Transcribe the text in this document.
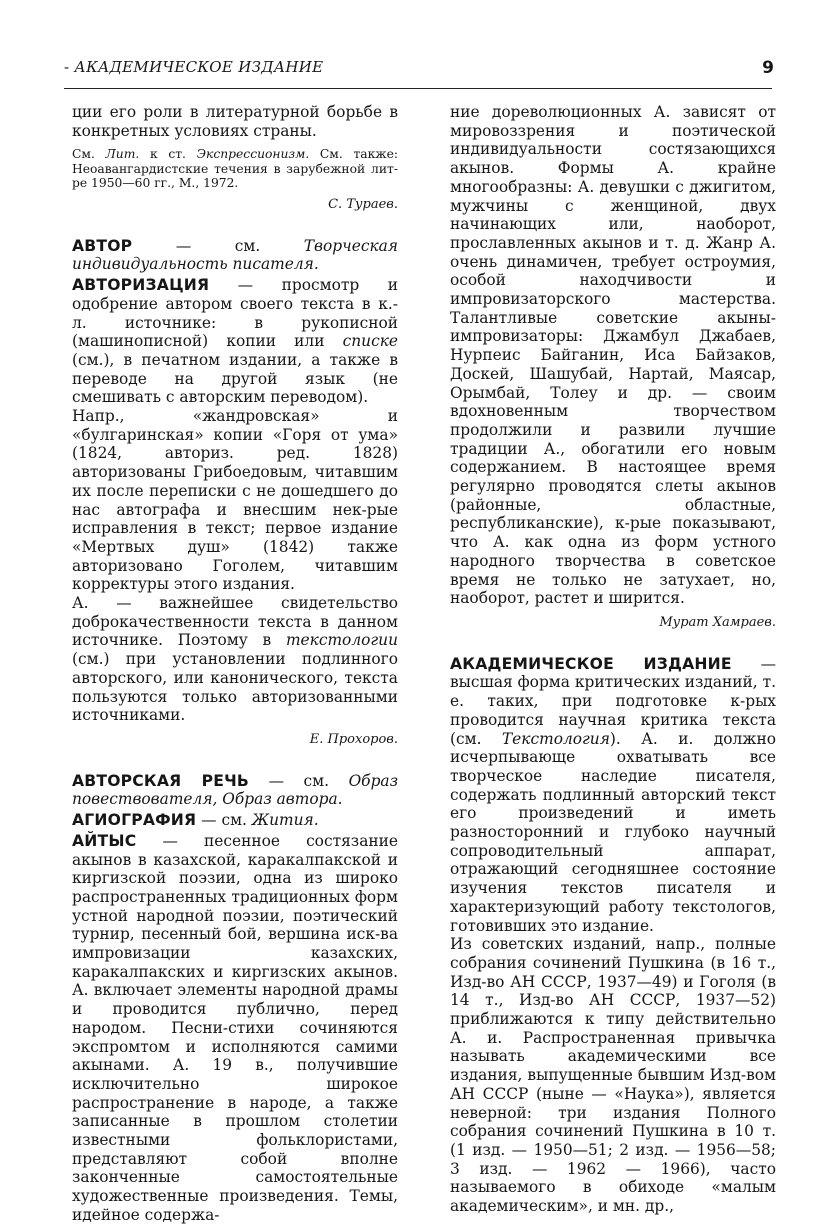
- АКАДЕМИЧЕСКОЕ ИЗДАНИЕ	9

ции его роли в литературной борьбе в конкретных условиях страны.

См. Лит. к ст. Экспрессионизм. См. также: Неоавангардистские течения в зарубежной лит-ре 1950—60 гг., М., 1972.

С. Тураев.

АВТОР — см. Творческая индивидуальность писателя.

АВТОРИЗАЦИЯ — просмотр и одобрение автором своего текста в к.-л. источнике: в рукописной (машинописной) копии или списке (см.), в печатном издании, а также в переводе на другой язык (не смешивать с авторским переводом).

Напр., «жандровская» и «булгаринская» копии «Горя от ума» (1824, авториз. ред. 1828) авторизованы Грибоедовым, читавшим их после переписки с не дошедшего до нас автографа и внесшим нек-рые исправления в текст; первое издание «Мертвых душ» (1842) также авторизовано Гоголем, читавшим корректуры этого издания.

А. — важнейшее свидетельство доброкачественности текста в данном источнике. Поэтому в текстологии (см.) при установлении подлинного авторского, или канонического, текста пользуются только авторизованными источниками.

Е. Прохоров.

АВТОРСКАЯ РЕЧЬ — см. Образ повествователя, Образ автора.

АГИОГРАФИЯ — см. Жития.

АЙТЫС — песенное состязание акынов в казахской, каракалпакской и киргизской поэзии, одна из широко распространенных традиционных форм устной народной поэзии, поэтический турнир, песенный бой, вершина иск-ва импровизации казахских, каракалпакских и киргизских акынов. А. включает элементы народной драмы и проводится публично, перед народом. Песни-стихи сочиняются экспромтом и исполняются самими акынами. А. 19 в., получившие исключительно широкое распространение в народе, а также записанные в прошлом столетии известными фольклористами, представляют собой вполне законченные самостоятельные художественные произведения. Темы, идейное содержа-

ние дореволюционных А. зависят от мировоззрения и поэтической индивидуальности состязающихся акынов. Формы А. крайне многообразны: А. девушки с джигитом, мужчины с женщиной, двух начинающих или, наоборот, прославленных акынов и т. д. Жанр А. очень динамичен, требует остроумия, особой находчивости и импровизаторского мастерства. Талантливые советские акыны-импровизаторы: Джамбул Джабаев, Нурпеис Байганин, Иса Байзаков, Доскей, Шашубай, Нартай, Маясар, Орымбай, Толеу и др. — своим вдохновенным творчеством продолжили и развили лучшие традиции А., обогатили его новым содержанием. В настоящее время регулярно проводятся слеты акынов (районные, областные, республиканские), к-рые показывают, что А. как одна из форм устного народного творчества в советское время не только не затухает, но, наоборот, растет и ширится.

Мурат Хамраев.

АКАДЕМИЧЕСКОЕ ИЗДАНИЕ — высшая форма критических изданий, т. е. таких, при подготовке к-рых проводится научная критика текста (см. Текстология). А. и. должно исчерпывающе охватывать все творческое наследие писателя, содержать подлинный авторский текст его произведений и иметь разносторонний и глубоко научный сопроводительный аппарат, отражающий сегодняшнее состояние изучения текстов писателя и характеризующий работу текстологов, готовивших это издание.

Из советских изданий, напр., полные собрания сочинений Пушкина (в 16 т., Изд-во АН СССР, 1937—49) и Гоголя (в 14 т., Изд-во АН СССР, 1937—52) приближаются к типу действительно А. и. Распространенная привычка называть академическими все издания, выпущенные бывшим Изд-вом АН СССР (ныне — «Наука»), является неверной: три издания Полного собрания сочинений Пушкина в 10 т. (1 изд. — 1950—51; 2 изд. — 1956—58; 3 изд. — 1962 — 1966), часто называемого в обиходе «малым академическим», и мн. др.,
